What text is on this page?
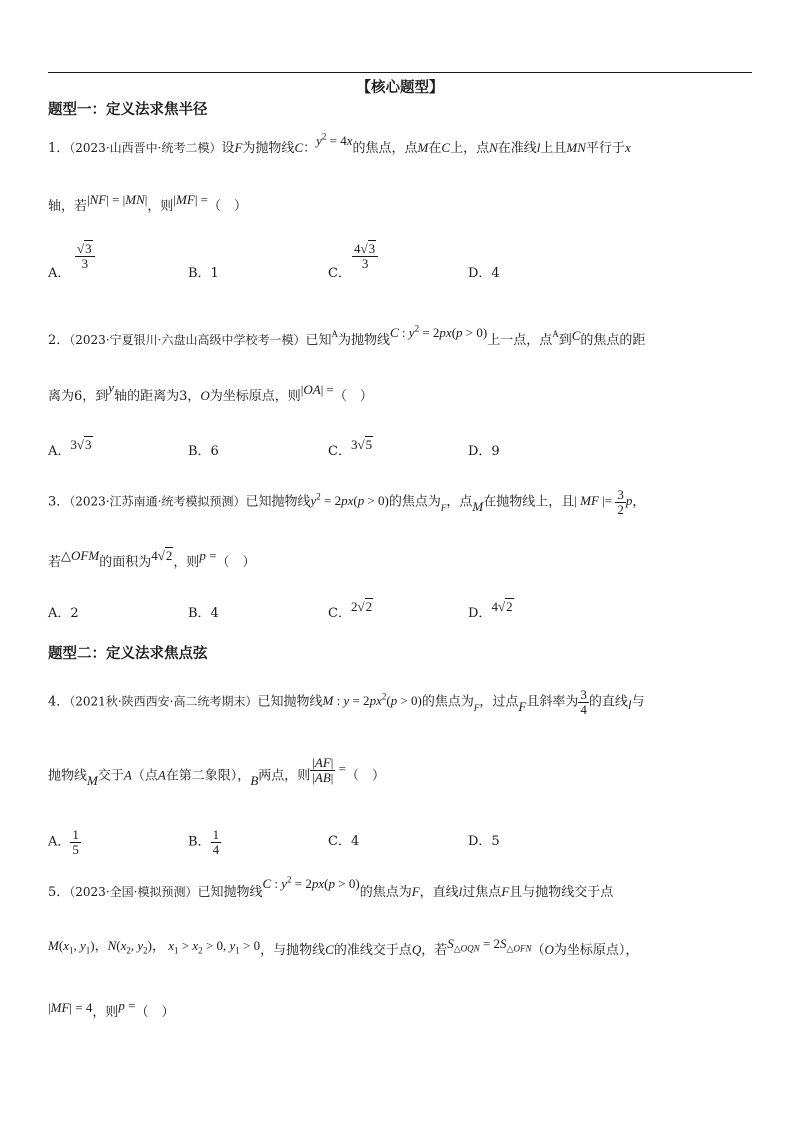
【核心题型】
题型一：定义法求焦半径
1．（2023·山西晋中·统考二模）设F为抛物线C：$y^2 = 4x$的焦点，点M在C上，点N在准线l上且MN平行于x
轴，若|NF| = |MN|，则|MF| =（　）
A．
$\frac{√3}{3}$
B．1	C．
$\frac{4√3}{3}$
D．4
2．（2023·宁夏银川·六盘山高级中学校考一模）已知$^A$为抛物线C : $y^2 = 2px(p > 0)$上一点，点$^A$到C的焦点的距
离为6，到y轴的距离为3，O为坐标原点，则|OA| =（　）
A．3√3	B．6	C．3√5	D．9
3．（2023·江苏南通·统考模拟预测）已知抛物线$y^2 = 2px(p > 0)$的焦点为$_F$，点M在抛物线上，且| MF |= $\frac{3}{2}$ p，
若△OFM的面积为4√2，则p =（　）
A．2	B．4	C．2√2	D．4√2
题型二：定义法求焦点弦
4．（2021秋·陕西西安·高二统考期末）已知抛物线M : $y = 2px^2(p > 0)$的焦点为$_F$，过点F且斜率为 $\frac{3}{4}$ 的直线l与
抛物线M交于A（点A在第二象限），B两点，则 $\frac{|AF|}{|AB|}$ =（　）
A． $\frac{1}{5}$	B． $\frac{1}{4}$	C．4	D．5
5．（2023·全国·模拟预测）已知抛物线C : $y^2 = 2px(p > 0)$的焦点为F，直线l过焦点F且与抛物线交于点
$M(x_1$, $y_1$)，$N(x_2$, $y_2$)， $x_1 > x_2 > 0$, $y_1 > 0$，与抛物线C的准线交于点Q，若$S_{\triangle OQN} = 2S_{\triangle OFN}(O$为坐标原点），
|MF| = 4，则p =（　）
